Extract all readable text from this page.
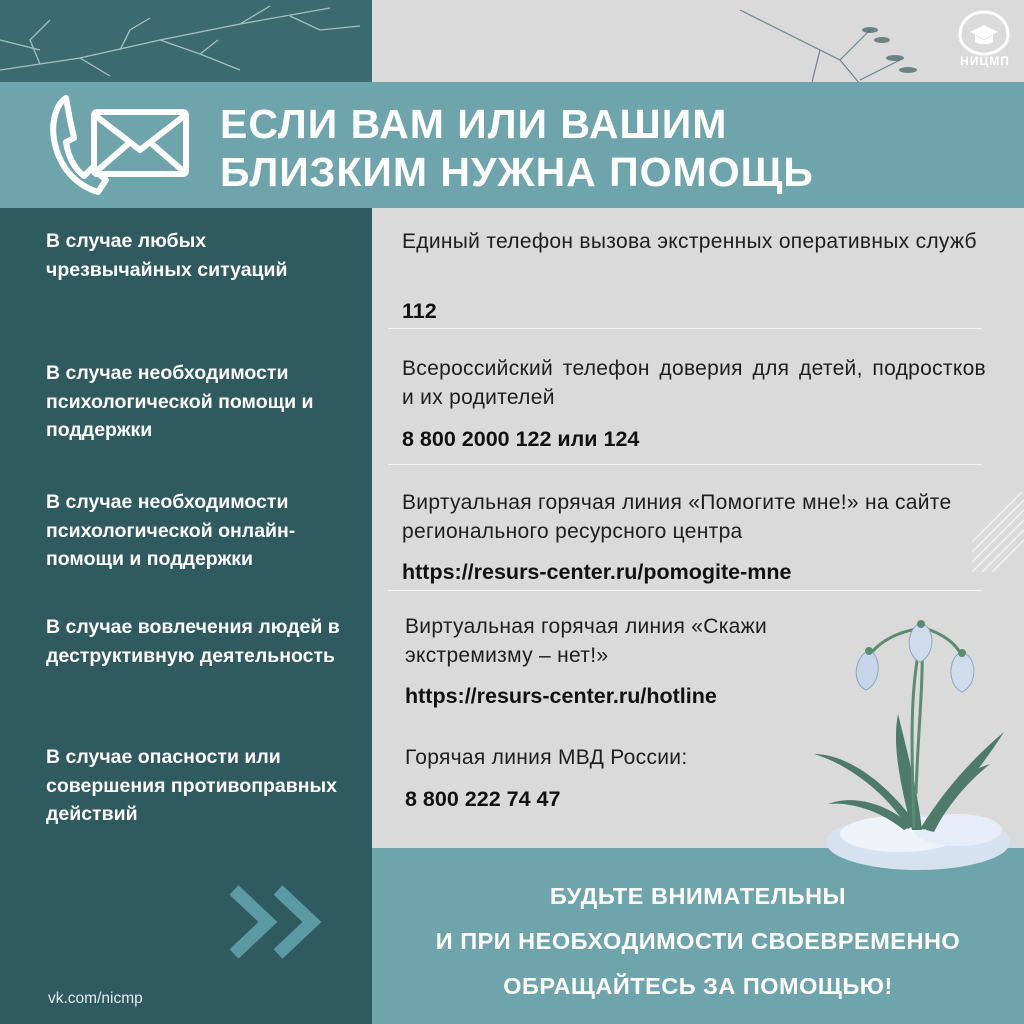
ЕСЛИ ВАМ ИЛИ ВАШИМ
БЛИЗКИМ НУЖНА ПОМОЩЬ
НИЦМП
В случае любых чрезвычайных ситуаций
В случае необходимости психологической помощи и поддержки
В случае необходимости психологической онлайн-помощи и поддержки
В случае вовлечения людей в деструктивную деятельность
В случае опасности или совершения противоправных действий
Единый телефон вызова экстренных оперативных служб
112
Всероссийский телефон доверия для детей, подростков и их родителей
8 800 2000 122 или 124
Виртуальная горячая линия «Помогите мне!» на сайте регионального ресурсного центра
https://resurs-center.ru/pomogite-mne
Виртуальная горячая линия «Скажи экстремизму – нет!»
https://resurs-center.ru/hotline
Горячая линия МВД России:
8 800 222 74 47
vk.com/nicmp
БУДЬТЕ ВНИМАТЕЛЬНЫ
И ПРИ НЕОБХОДИМОСТИ СВОЕВРЕМЕННО
ОБРАЩАЙТЕСЬ ЗА ПОМОЩЬЮ!
